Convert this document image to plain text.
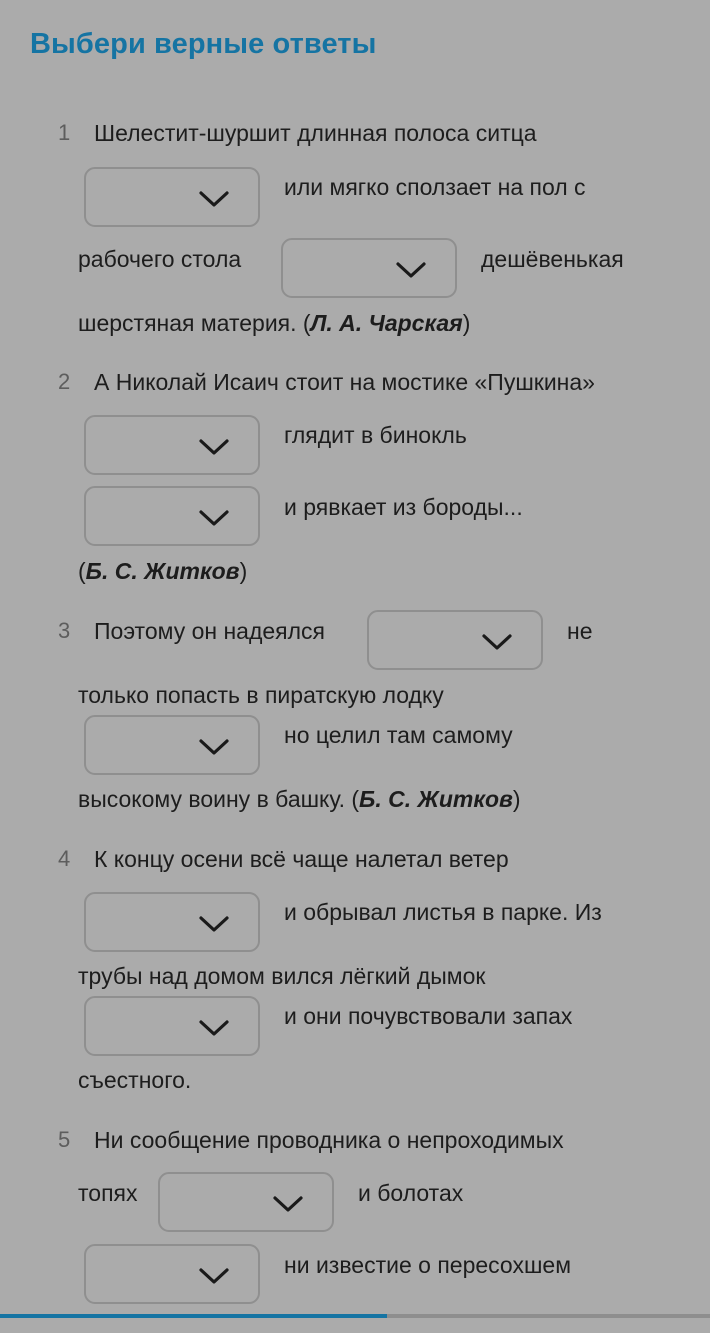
Выбери верные ответы
1 Шелестит-шуршит длинная полоса ситца
или мягко сползает на пол с
рабочего стола	дешёвенькая
шерстяная материя. (Л. А. Чарская)
2 А Николай Исаич стоит на мостике «Пушкина»
глядит в бинокль
и рявкает из бороды...
(Б. С. Житков)
3 Поэтому он надеялся	не
только попасть в пиратскую лодку
но целил там самому
высокому воину в башку. (Б. С. Житков)
4 К концу осени всё чаще налетал ветер
и обрывал листья в парке. Из
трубы над домом вился лёгкий дымок
и они почувствовали запах
съестного.
5 Ни сообщение проводника о непроходимых
топях	и болотах
ни известие о пересохшем
